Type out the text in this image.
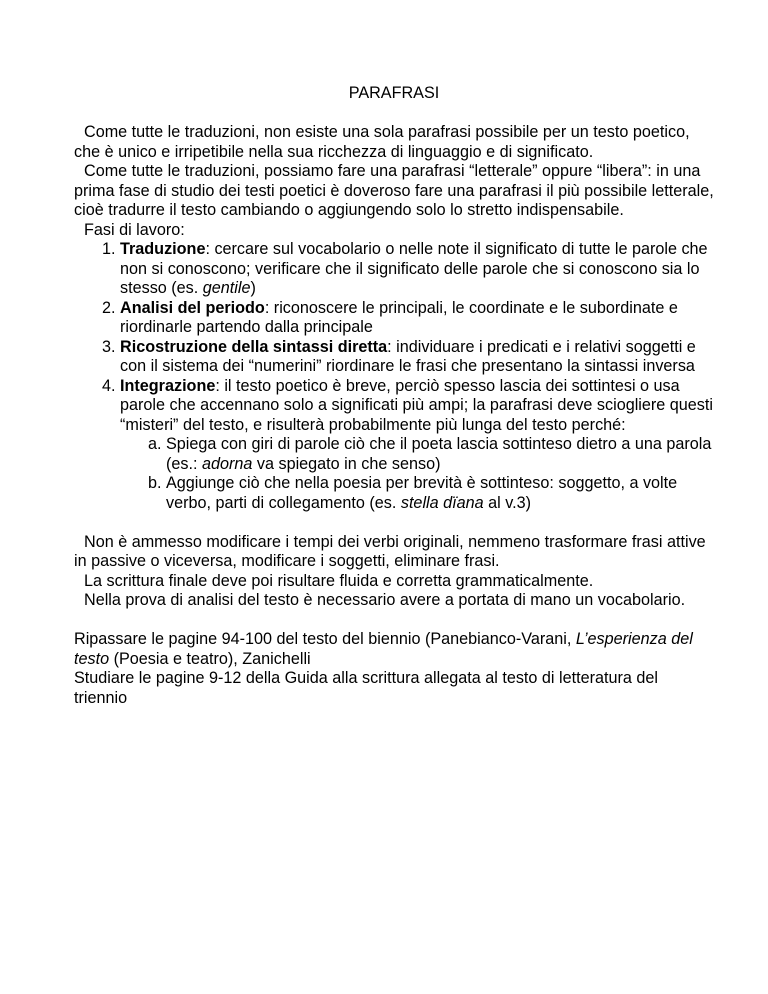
PARAFRASI

Come tutte le traduzioni, non esiste una sola parafrasi possibile per un testo poetico, che è unico e irripetibile nella sua ricchezza di linguaggio e di significato.

Come tutte le traduzioni, possiamo fare una parafrasi “letterale” oppure “libera”: in una prima fase di studio dei testi poetici è doveroso fare una parafrasi il più possibile letterale, cioè tradurre il testo cambiando o aggiungendo solo lo stretto indispensabile.

Fasi di lavoro:

1. Traduzione: cercare sul vocabolario o nelle note il significato di tutte le parole che non si conoscono; verificare che il significato delle parole che si conoscono sia lo stesso (es. gentile)
2. Analisi del periodo: riconoscere le principali, le coordinate e le subordinate e riordinarle partendo dalla principale
3. Ricostruzione della sintassi diretta: individuare i predicati e i relativi soggetti e con il sistema dei “numerini” riordinare le frasi che presentano la sintassi inversa
4. Integrazione: il testo poetico è breve, perciò spesso lascia dei sottintesi o usa parole che accennano solo a significati più ampi; la parafrasi deve sciogliere questi “misteri” del testo, e risulterà probabilmente più lunga del testo perché:
a. Spiega con giri di parole ciò che il poeta lascia sottinteso dietro a una parola (es.: adorna va spiegato in che senso)
b. Aggiunge ciò che nella poesia per brevità è sottinteso: soggetto, a volte verbo, parti di collegamento (es. stella dïana al v.3)

Non è ammesso modificare i tempi dei verbi originali, nemmeno trasformare frasi attive in passive o viceversa, modificare i soggetti, eliminare frasi.

La scrittura finale deve poi risultare fluida e corretta grammaticalmente.

Nella prova di analisi del testo è necessario avere a portata di mano un vocabolario.

Ripassare le pagine 94-100 del testo del biennio (Panebianco-Varani, L’esperienza del testo (Poesia e teatro), Zanichelli

Studiare le pagine 9-12 della Guida alla scrittura allegata al testo di letteratura del triennio
